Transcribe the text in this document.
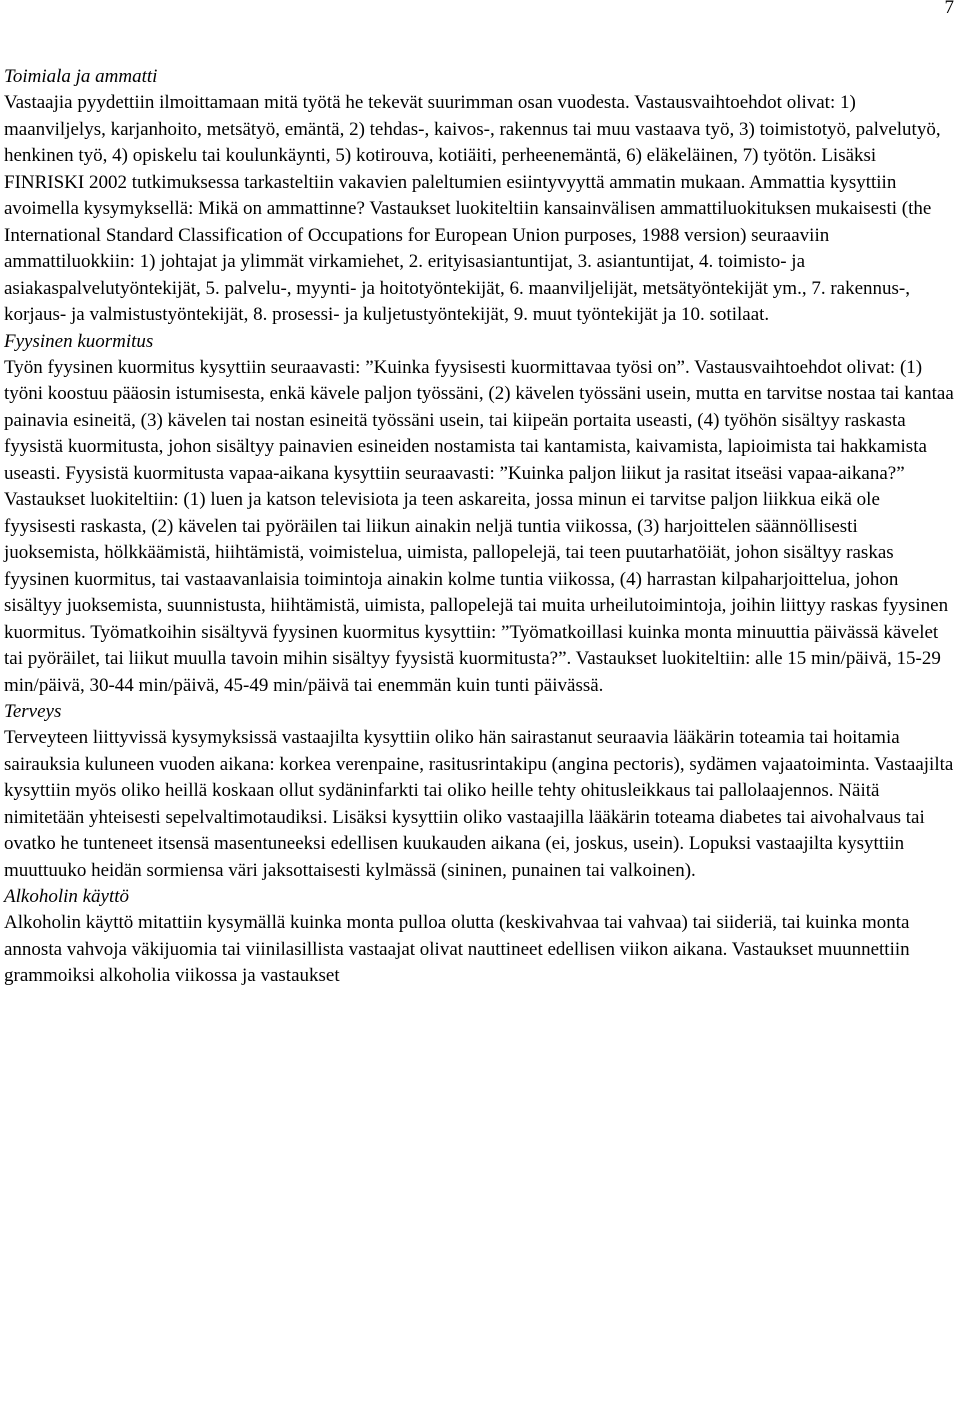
7
Toimiala ja ammatti

Vastaajia pyydettiin ilmoittamaan mitä työtä he tekevät suurimman osan vuodesta. Vastausvaihtoehdot olivat: 1) maanviljelys, karjanhoito, metsätyö, emäntä, 2) tehdas-, kaivos-, rakennus tai muu vastaava työ, 3) toimistotyö, palvelutyö, henkinen työ, 4) opiskelu tai koulunkäynti, 5) kotirouva, kotiäiti, perheenemäntä, 6) eläkeläinen, 7) työtön. Lisäksi FINRISKI 2002 tutkimuksessa tarkasteltiin vakavien paleltumien esiintyvyyttä ammatin mukaan. Ammattia kysyttiin avoimella kysymyksellä: Mikä on ammattinne? Vastaukset luokiteltiin kansainvälisen ammattiluokituksen mukaisesti (the International Standard Classification of Occupations for European Union purposes, 1988 version) seuraaviin ammattiluokkiin: 1) johtajat ja ylimmät virkamiehet, 2. erityisasiantuntijat, 3. asiantuntijat, 4. toimisto- ja asiakaspalvelutyöntekijät, 5. palvelu-, myynti- ja hoitotyöntekijät, 6. maanviljelijät, metsätyöntekijät ym., 7. rakennus-, korjaus- ja valmistustyöntekijät, 8. prosessi- ja kuljetustyöntekijät, 9. muut työntekijät ja 10. sotilaat.

Fyysinen kuormitus

Työn fyysinen kuormitus kysyttiin seuraavasti: ”Kuinka fyysisesti kuormittavaa työsi on”. Vastausvaihtoehdot olivat: (1) työni koostuu pääosin istumisesta, enkä kävele paljon työssäni, (2) kävelen työssäni usein, mutta en tarvitse nostaa tai kantaa painavia esineitä, (3) kävelen tai nostan esineitä työssäni usein, tai kiipeän portaita useasti, (4) työhön sisältyy raskasta fyysistä kuormitusta, johon sisältyy painavien esineiden nostamista tai kantamista, kaivamista, lapioimista tai hakkamista useasti. Fyysistä kuormitusta vapaa-aikana kysyttiin seuraavasti: ”Kuinka paljon liikut ja rasitat itseäsi vapaa-aikana?” Vastaukset luokiteltiin: (1) luen ja katson televisiota ja teen askareita, jossa minun ei tarvitse paljon liikkua eikä ole fyysisesti raskasta, (2) kävelen tai pyöräilen tai liikun ainakin neljä tuntia viikossa, (3) harjoittelen säännöllisesti juoksemista, hölkkäämistä, hiihtämistä, voimistelua, uimista, pallopelejä, tai teen puutarhatöiät, johon sisältyy raskas fyysinen kuormitus, tai vastaavanlaisia toimintoja ainakin kolme tuntia viikossa, (4) harrastan kilpaharjoittelua, johon sisältyy juoksemista, suunnistusta, hiihtämistä, uimista, pallopelejä tai muita urheilutoimintoja, joihin liittyy raskas fyysinen kuormitus. Työmatkoihin sisältyvä fyysinen kuormitus kysyttiin: ”Työmatkoillasi kuinka monta minuuttia päivässä kävelet tai pyöräilet, tai liikut muulla tavoin mihin sisältyy fyysistä kuormitusta?”. Vastaukset luokiteltiin: alle 15 min/päivä, 15-29 min/päivä, 30-44 min/päivä, 45-49 min/päivä tai enemmän kuin tunti päivässä.

Terveys

Terveyteen liittyvissä kysymyksissä vastaajilta kysyttiin oliko hän sairastanut seuraavia lääkärin toteamia tai hoitamia sairauksia kuluneen vuoden aikana: korkea verenpaine, rasitusrintakipu (angina pectoris), sydämen vajaatoiminta. Vastaajilta kysyttiin myös oliko heillä koskaan ollut sydäninfarkti tai oliko heille tehty ohitusleikkaus tai pallolaajennos. Näitä nimitetään yhteisesti sepelvaltimotaudiksi. Lisäksi kysyttiin oliko vastaajilla lääkärin toteama diabetes tai aivohalvaus tai ovatko he tunteneet itsensä masentuneeksi edellisen kuukauden aikana (ei, joskus, usein). Lopuksi vastaajilta kysyttiin muuttuuko heidän sormiensa väri jaksottaisesti kylmässä (sininen, punainen tai valkoinen).

Alkoholin käyttö

Alkoholin käyttö mitattiin kysymällä kuinka monta pulloa olutta (keskivahvaa tai vahvaa) tai siideriä, tai kuinka monta annosta vahvoja väkijuomia tai viinilasillista vastaajat olivat nauttineet edellisen viikon aikana. Vastaukset muunnettiin grammoiksi alkoholia viikossa ja vastaukset
